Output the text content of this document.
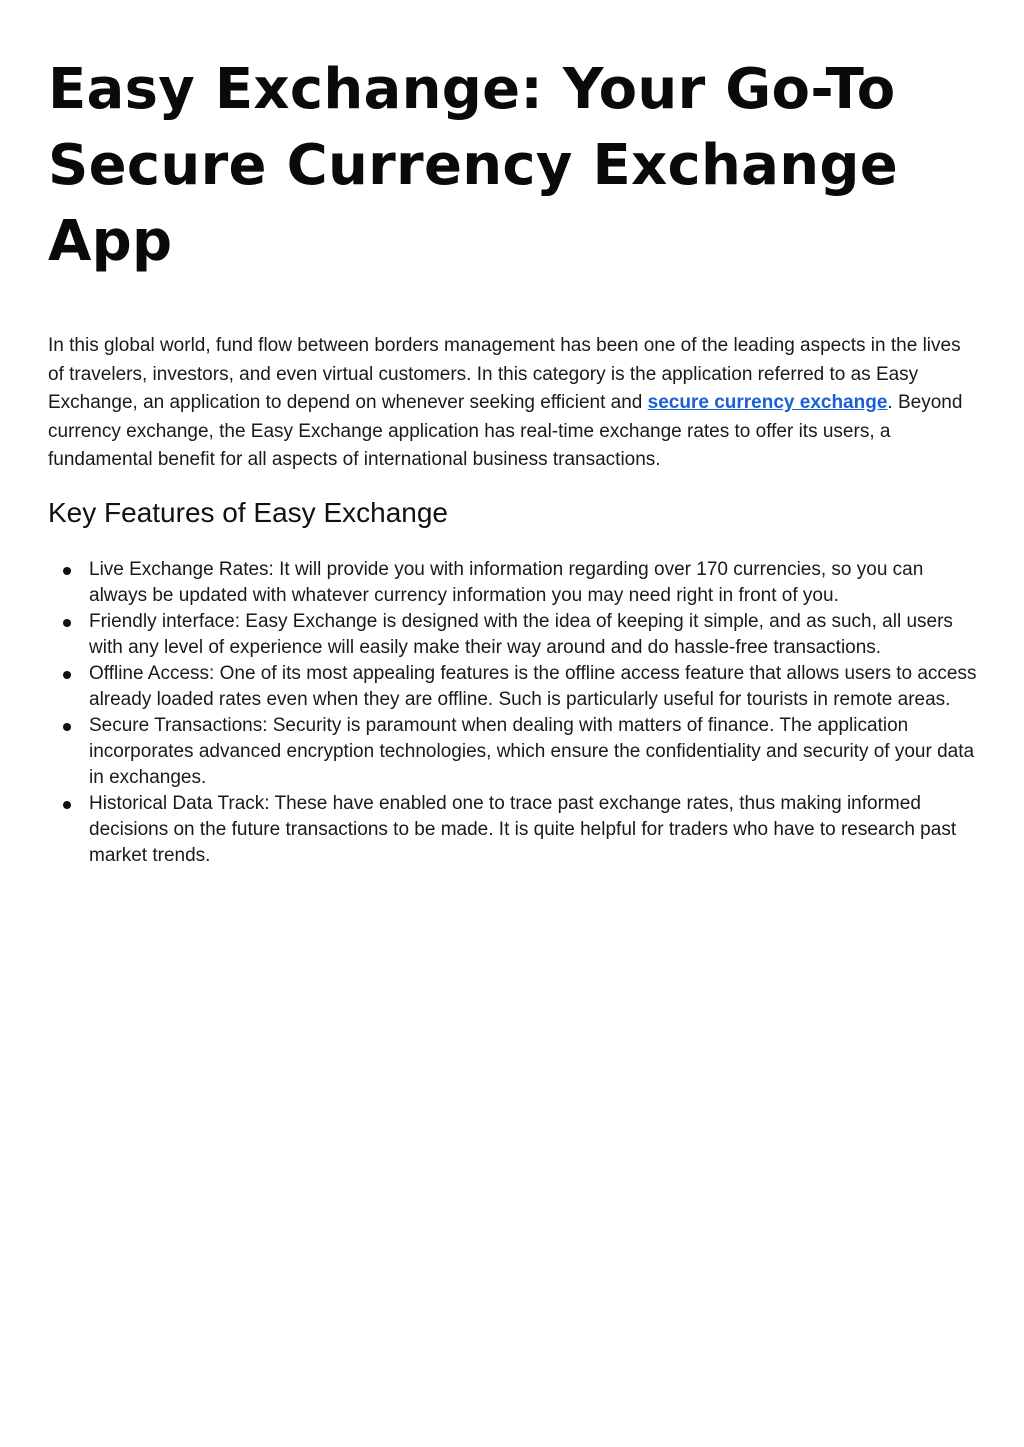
Easy Exchange: Your Go-To Secure Currency Exchange App

In this global world, fund flow between borders management has been one of the leading aspects in the lives of travelers, investors, and even virtual customers. In this category is the application referred to as Easy Exchange, an application to depend on whenever seeking efficient and secure currency exchange. Beyond currency exchange, the Easy Exchange application has real-time exchange rates to offer its users, a fundamental benefit for all aspects of international business transactions.

Key Features of Easy Exchange
Live Exchange Rates: It will provide you with information regarding over 170 currencies, so you can always be updated with whatever currency information you may need right in front of you.
Friendly interface: Easy Exchange is designed with the idea of keeping it simple, and as such, all users with any level of experience will easily make their way around and do hassle-free transactions.
Offline Access: One of its most appealing features is the offline access feature that allows users to access already loaded rates even when they are offline. Such is particularly useful for tourists in remote areas.
Secure Transactions: Security is paramount when dealing with matters of finance. The application incorporates advanced encryption technologies, which ensure the confidentiality and security of your data in exchanges.
Historical Data Track: These have enabled one to trace past exchange rates, thus making informed decisions on the future transactions to be made. It is quite helpful for traders who have to research past market trends.
